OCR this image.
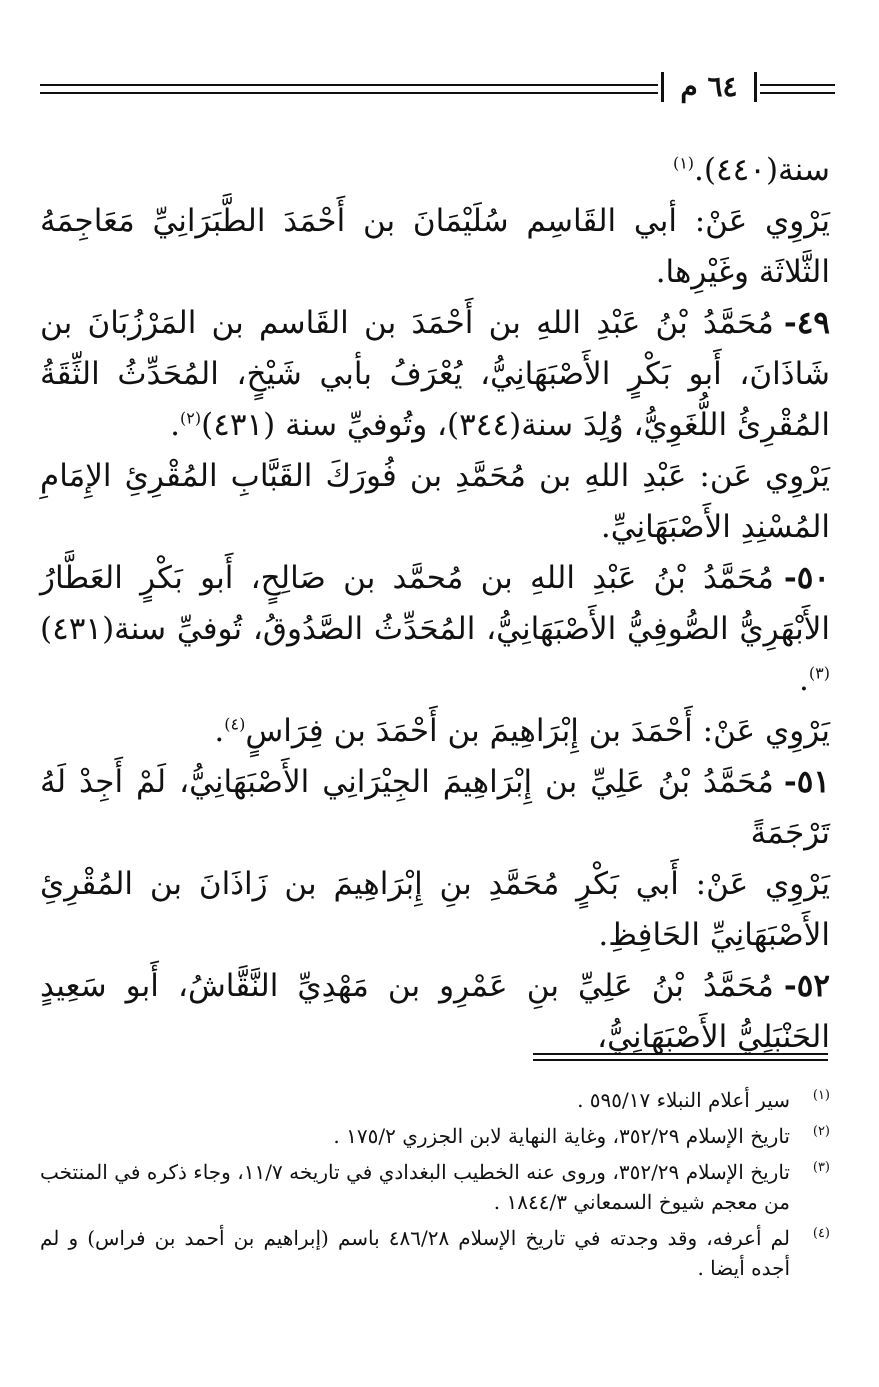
٦٤ م

سنة(٤٤٠).$^{(١)}$

يَرْوِي عَنْ: أبي القَاسِم سُلَيْمَانَ بن أَحْمَدَ الطَّبَرَانِيِّ مَعَاجِمَهُ الثَّلاثَة وغَيْرِها.

٤٩-مُحَمَّدُ بْنُ عَبْدِ اللهِ بن أَحْمَدَ بن القَاسم بن المَرْزُبَانَ بن شَاذَانَ، أَبو بَكْرٍ الأَصْبَهَانِيُّ، يُعْرَفُ بأبي شَيْخٍ، المُحَدِّثُ الثِّقَةُ المُقْرِئُ اللُّغَوِيُّ، وُلِدَ سنة(٣٤٤)، وتُوفيِّ سنة (٤٣١)$^{(٢)}$.

يَرْوِي عَن: عَبْدِ اللهِ بن مُحَمَّدِ بن فُورَكَ القَبَّابِ المُقْرِئِ الإِمَامِ المُسْنِدِ الأَصْبَهَانِيِّ.

٥٠-مُحَمَّدُ بْنُ عَبْدِ اللهِ بن مُحمَّد بن صَالِحٍ، أَبو بَكْرٍ العَطَّارُ الأَبْهَرِيُّ الصُّوفِيُّ الأَصْبَهَانِيُّ، المُحَدِّثُ الصَّدُوقُ، تُوفيِّ سنة(٤٣١)$^{(٣)}$.

يَرْوِي عَنْ: أَحْمَدَ بن إِبْرَاهِيمَ بن أَحْمَدَ بن فِرَاسٍ$^{(٤)}$.

٥١-مُحَمَّدُ بْنُ عَلِيِّ بن إِبْرَاهِيمَ الجِيْرَانِي الأَصْبَهَانِيُّ، لَمْ أَجِدْ لَهُ تَرْجَمَةً

يَرْوِي عَنْ: أَبي بَكْرٍ مُحَمَّدِ بنِ إِبْرَاهِيمَ بن زَاذَانَ بن المُقْرِئِ الأَصْبَهَانِيِّ الحَافِظِ.

٥٢-مُحَمَّدُ بْنُ عَلِيِّ بنِ عَمْرِو بن مَهْدِيِّ النَّقَّاشُ، أَبو سَعِيدٍ الحَنْبَلِيُّ الأَصْبَهَانِيُّ،

(١)
سير أعلام النبلاء ٥٩٥/١٧ .
(٢)
تاريخ الإسلام ٣٥٢/٢٩، وغاية النهاية لابن الجزري ١٧٥/٢ .
(٣)
تاريخ الإسلام ٣٥٢/٢٩، وروى عنه الخطيب البغدادي في تاريخه ١١/٧، وجاء ذكره في المنتخب من معجم شيوخ السمعاني ١٨٤٤/٣ .
(٤)
لم أعرفه، وقد وجدته في تاريخ الإسلام ٤٨٦/٢٨ باسم (إبراهيم بن أحمد بن فراس) و لم أجده أيضا .
